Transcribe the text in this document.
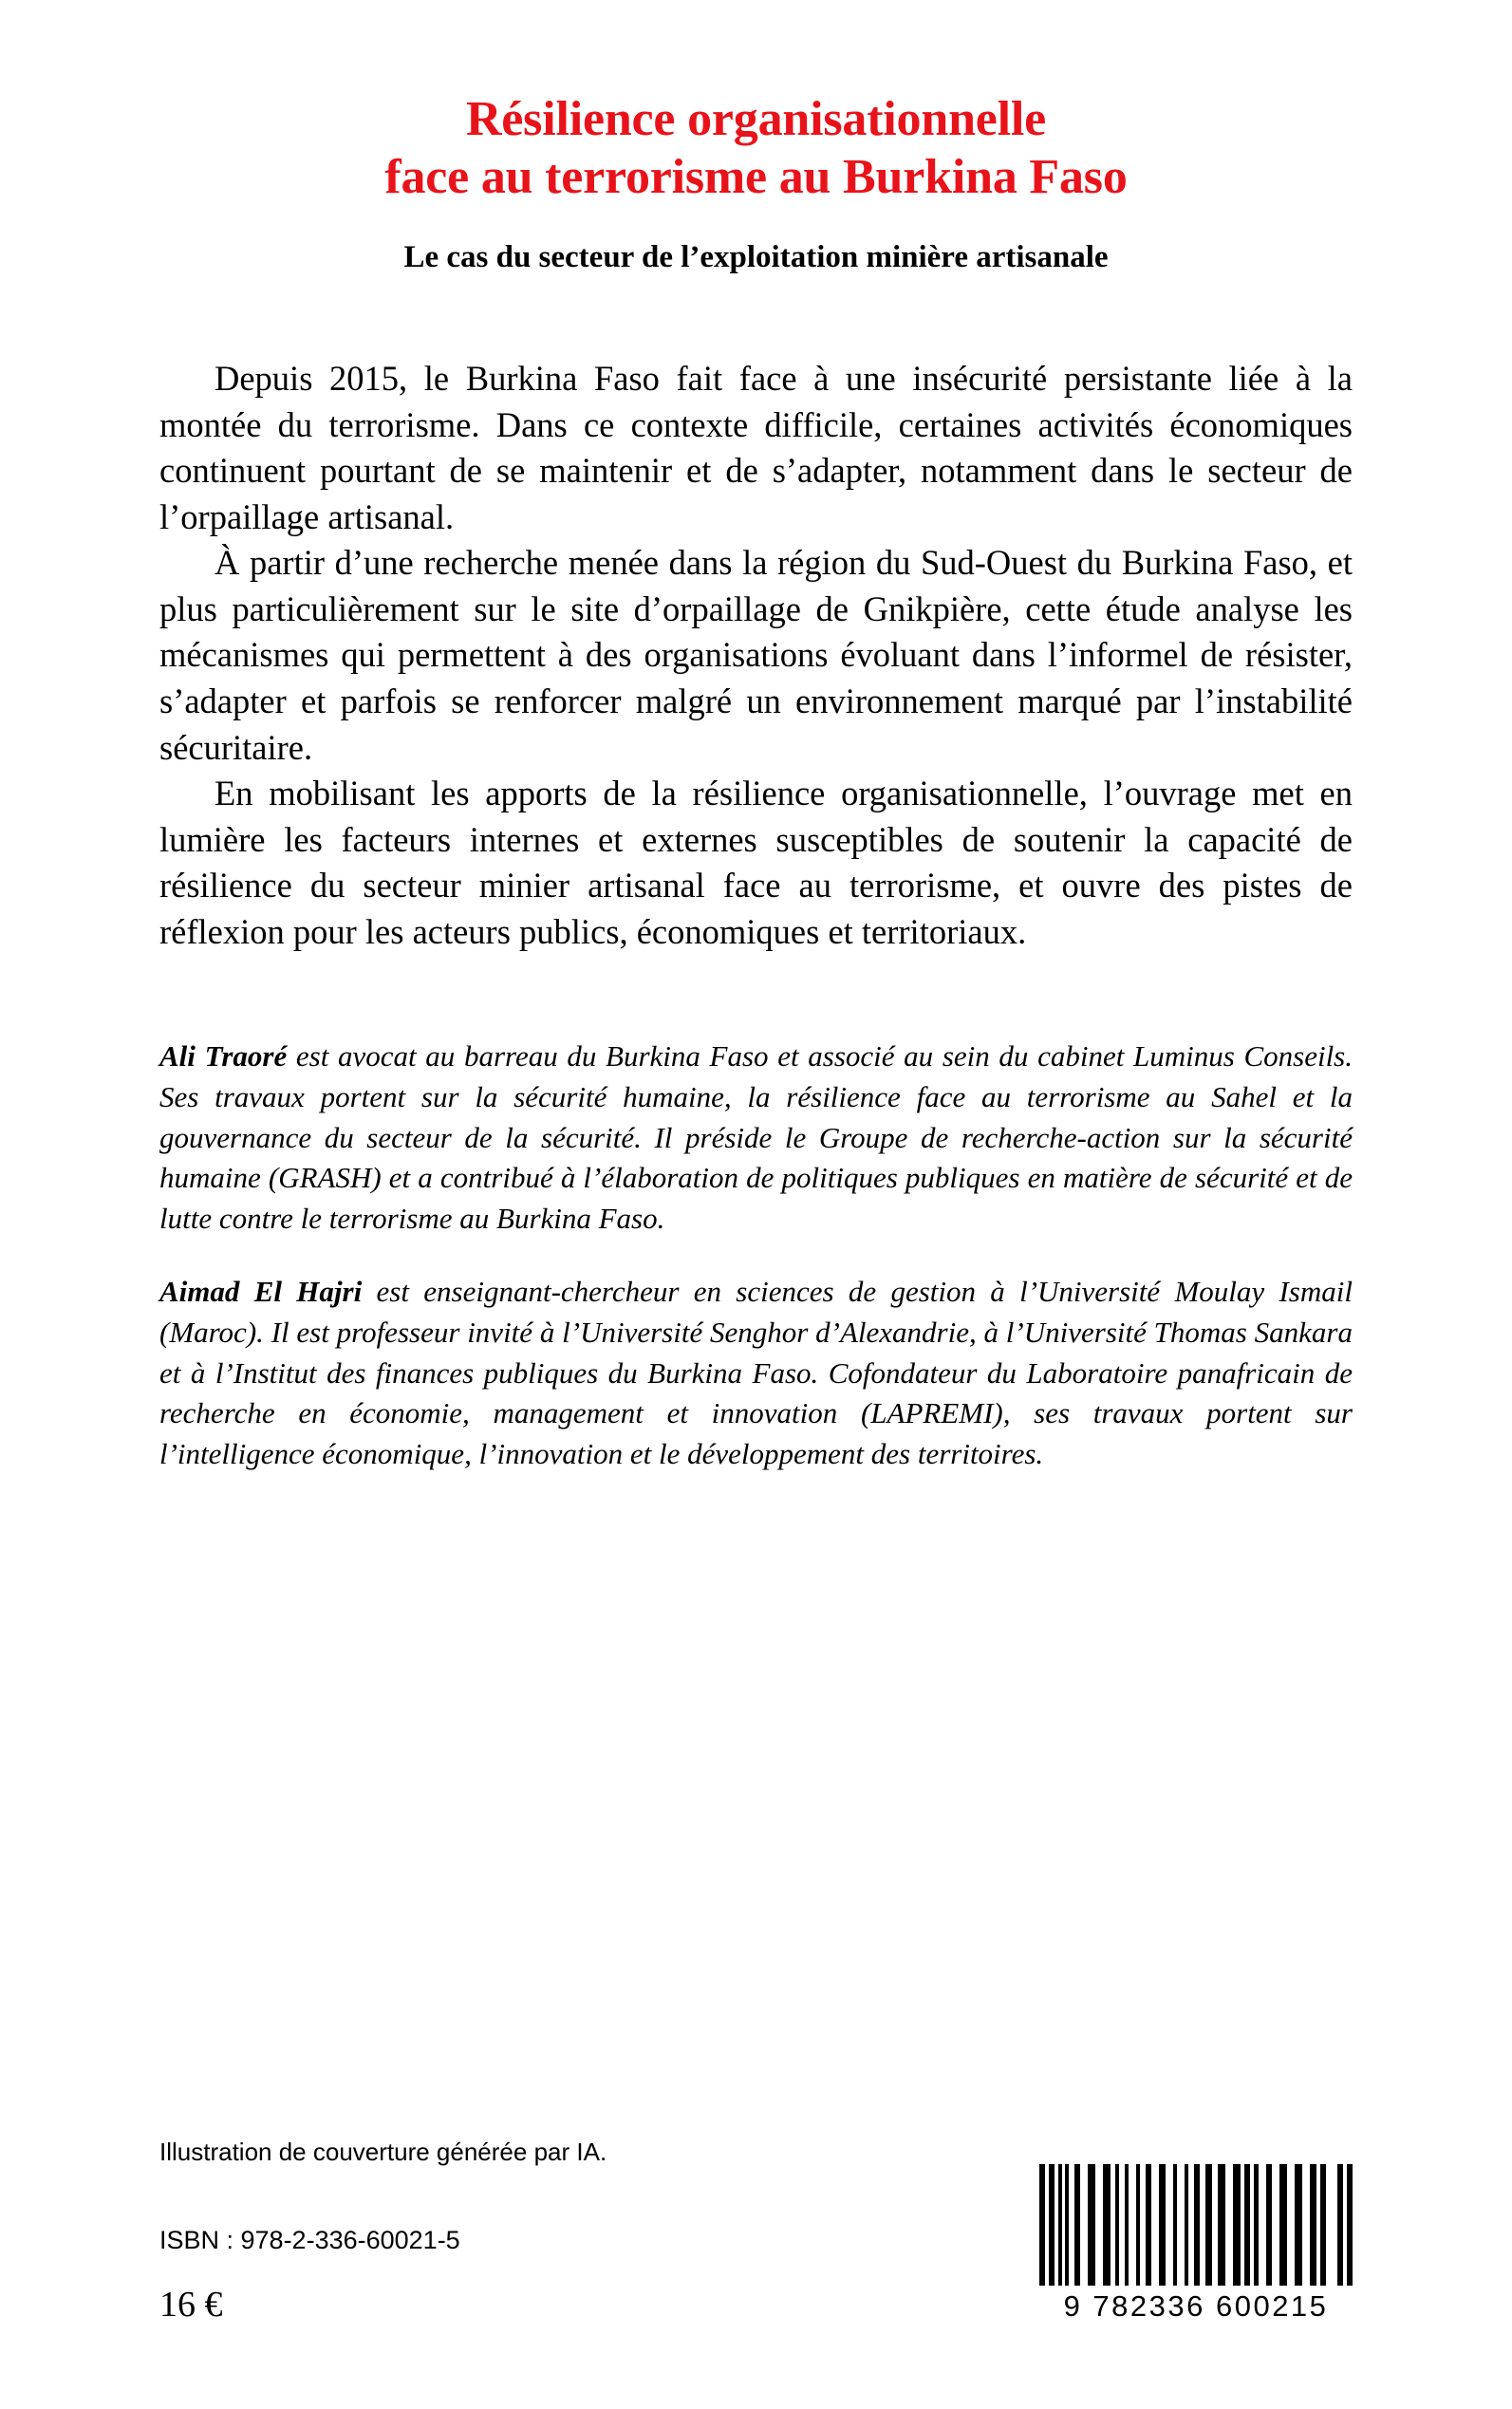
Résilience organisationnelle
face au terrorisme au Burkina Faso
Le cas du secteur de l’exploitation minière artisanale

Depuis 2015, le Burkina Faso fait face à une insécurité persistante liée à la montée du terrorisme. Dans ce contexte difficile, certaines activités économiques continuent pourtant de se maintenir et de s’adapter, notamment dans le secteur de l’orpaillage artisanal.

À partir d’une recherche menée dans la région du Sud-Ouest du Burkina Faso, et plus particulièrement sur le site d’orpaillage de Gnikpière, cette étude analyse les mécanismes qui permettent à des organisations évoluant dans l’informel de résister, s’adapter et parfois se renforcer malgré un environnement marqué par l’instabilité sécuritaire.

En mobilisant les apports de la résilience organisationnelle, l’ouvrage met en lumière les facteurs internes et externes susceptibles de soutenir la capacité de résilience du secteur minier artisanal face au terrorisme, et ouvre des pistes de réflexion pour les acteurs publics, économiques et territoriaux.

Ali Traoré est avocat au barreau du Burkina Faso et associé au sein du cabinet Luminus Conseils. Ses travaux portent sur la sécurité humaine, la résilience face au terrorisme au Sahel et la gouvernance du secteur de la sécurité. Il préside le Groupe de recherche-action sur la sécurité humaine (GRASH) et a contribué à l’élaboration de politiques publiques en matière de sécurité et de lutte contre le terrorisme au Burkina Faso.

Aimad El Hajri est enseignant-chercheur en sciences de gestion à l’Université Moulay Ismail (Maroc). Il est professeur invité à l’Université Senghor d’Alexandrie, à l’Université Thomas Sankara et à l’Institut des finances publiques du Burkina Faso. Cofondateur du Laboratoire panafricain de recherche en économie, management et innovation (LAPREMI), ses travaux portent sur l’intelligence économique, l’innovation et le développement des territoires.

Illustration de couverture générée par IA.
ISBN : 978-2-336-60021-5
16 €	9 782336 600215
